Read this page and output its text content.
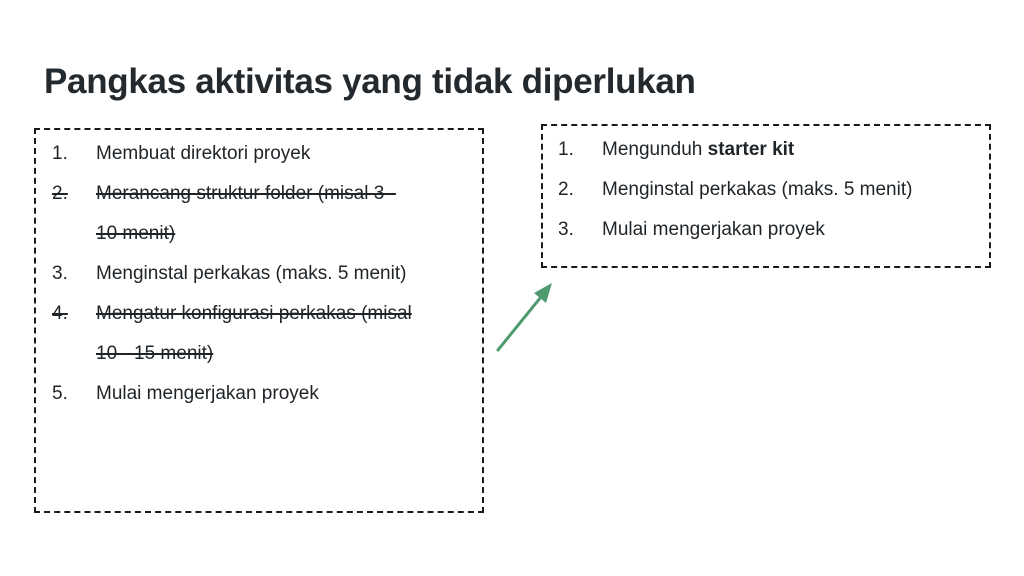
Pangkas aktivitas yang tidak diperlukan
1. Membuat direktori proyek
2. Merancang struktur folder (misal 3 -
10 menit)
3. Menginstal perkakas (maks. 5 menit)
4. Mengatur konfigurasi perkakas (misal
10 - 15 menit)
5. Mulai mengerjakan proyek
1. Mengunduh starter kit
2. Menginstal perkakas (maks. 5 menit)
3. Mulai mengerjakan proyek
